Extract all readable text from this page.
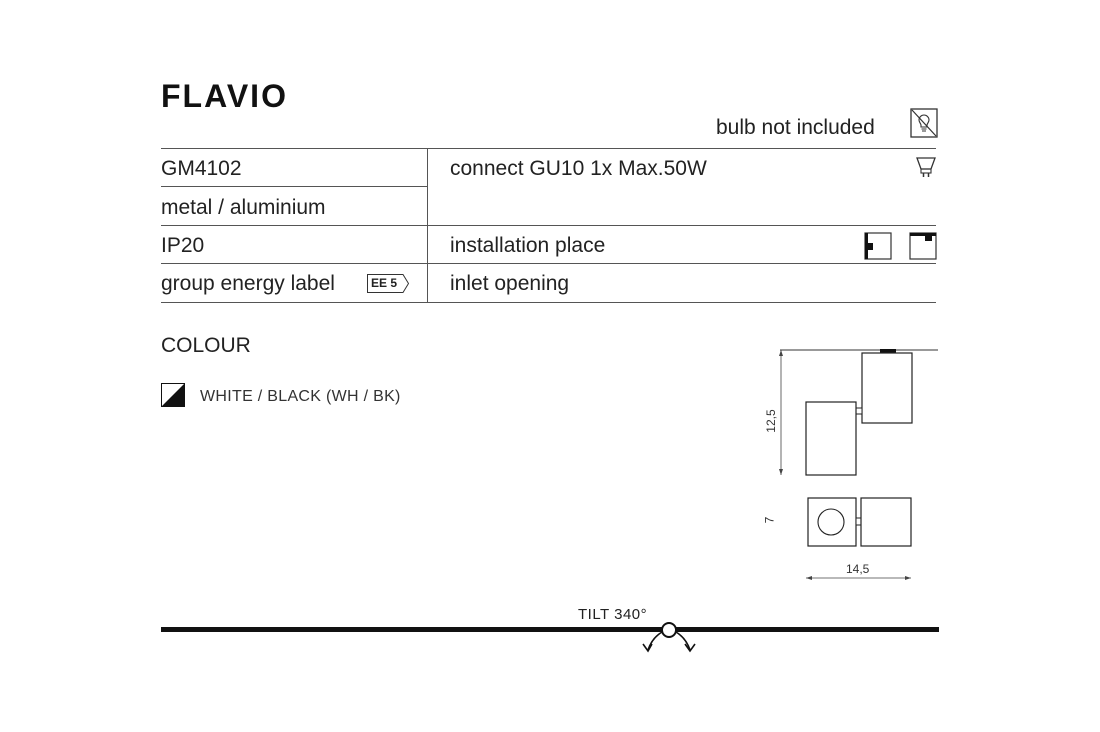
FLAVIO
bulb not included
GM4102
metal / aluminium
IP20
group energy label	EE 5
connect GU10 1x Max.50W
installation place
inlet opening
COLOUR
WHITE / BLACK (WH / BK)
12,5
7
14,5
TILT 340°
